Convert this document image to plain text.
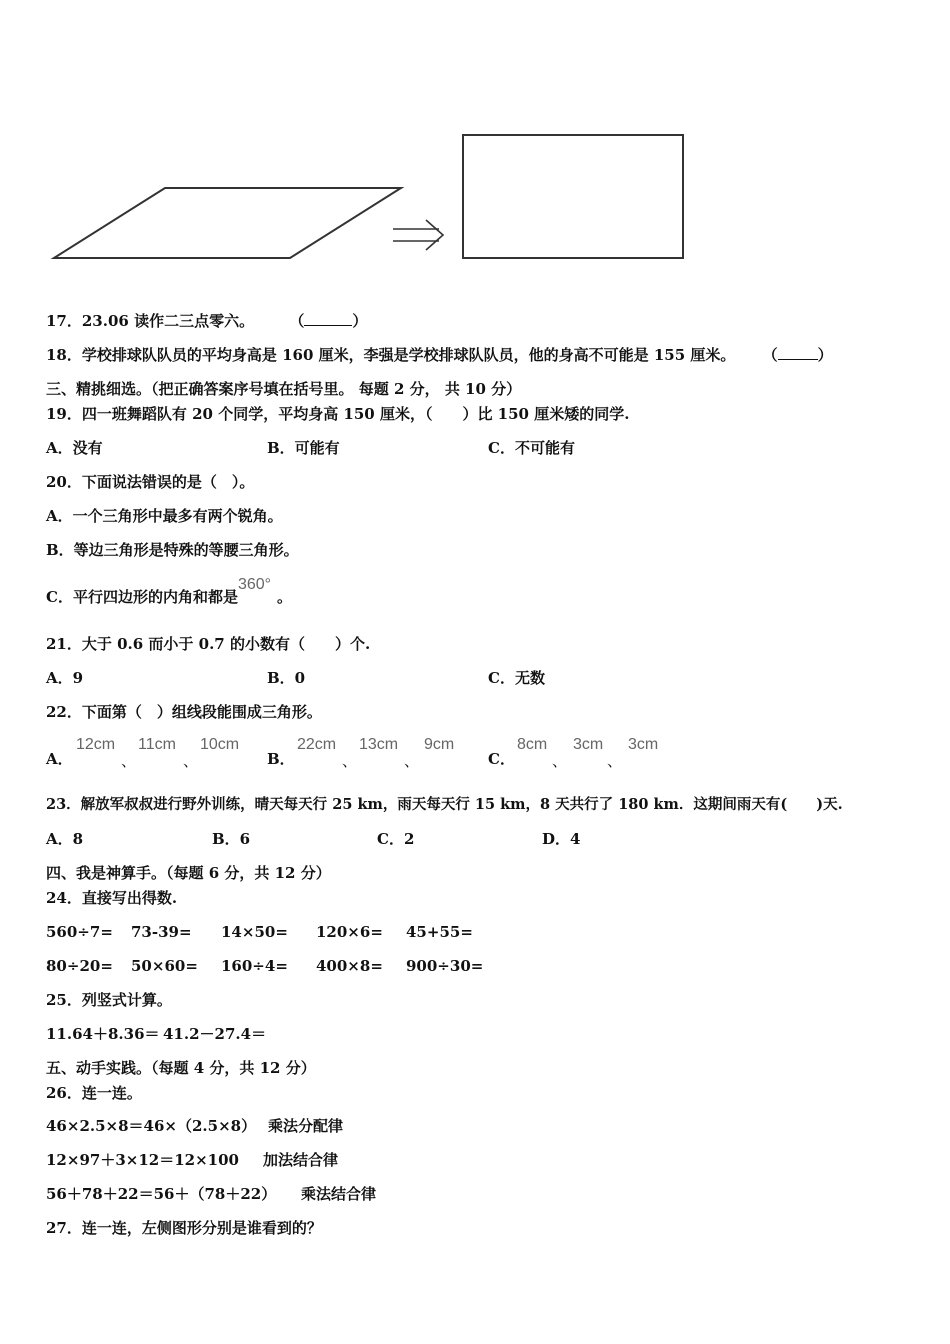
17．23.06 读作二三点零六。 （	）
18．学校排球队队员的平均身高是 160 厘米，李强是学校排球队队员，他的身高不可能是 155 厘米。 （	）
三、精挑细选。（把正确答案序号填在括号里。 每题 2 分， 共 10 分）
19．四一班舞蹈队有 20 个同学，平均身高 150 厘米，（　　）比 150 厘米矮的同学.
A．没有	B．可能有	C．不可能有
20．下面说法错误的是（　）。
A．一个三角形中最多有两个锐角。
B．等边三角形是特殊的等腰三角形。
C．平行四边形的内角和都是360°。
21．大于 0.6 而小于 0.7 的小数有（　　）个.
A．9	B．0	C．无数
22．下面第（　）组线段能围成三角形。
A．
12cm
、
11cm
、
10cm
B．
22cm
、
13cm
、
9cm
C．
8cm
、
3cm
、
3cm
23．解放军叔叔进行野外训练，晴天每天行 25 km，雨天每天行 15 km，8 天共行了 180 km．这期间雨天有(　　)天.
A．8	B．6	C．2	D．4
四、我是神算手。（每题 6 分，共 12 分）
24．直接写出得数.
560÷7= 73-39= 14×50= 120×6= 45+55=
80÷20= 50×60= 160÷4= 400×8= 900÷30=
25．列竖式计算。
11.64＋8.36＝ 41.2－27.4＝
五、动手实践。（每题 4 分，共 12 分）
26．连一连。
46×2.5×8＝46×（2.5×8） 乘法分配律
12×97＋3×12＝12×100 加法结合律
56＋78＋22＝56＋（78＋22） 乘法结合律
27．连一连，左侧图形分别是谁看到的？
